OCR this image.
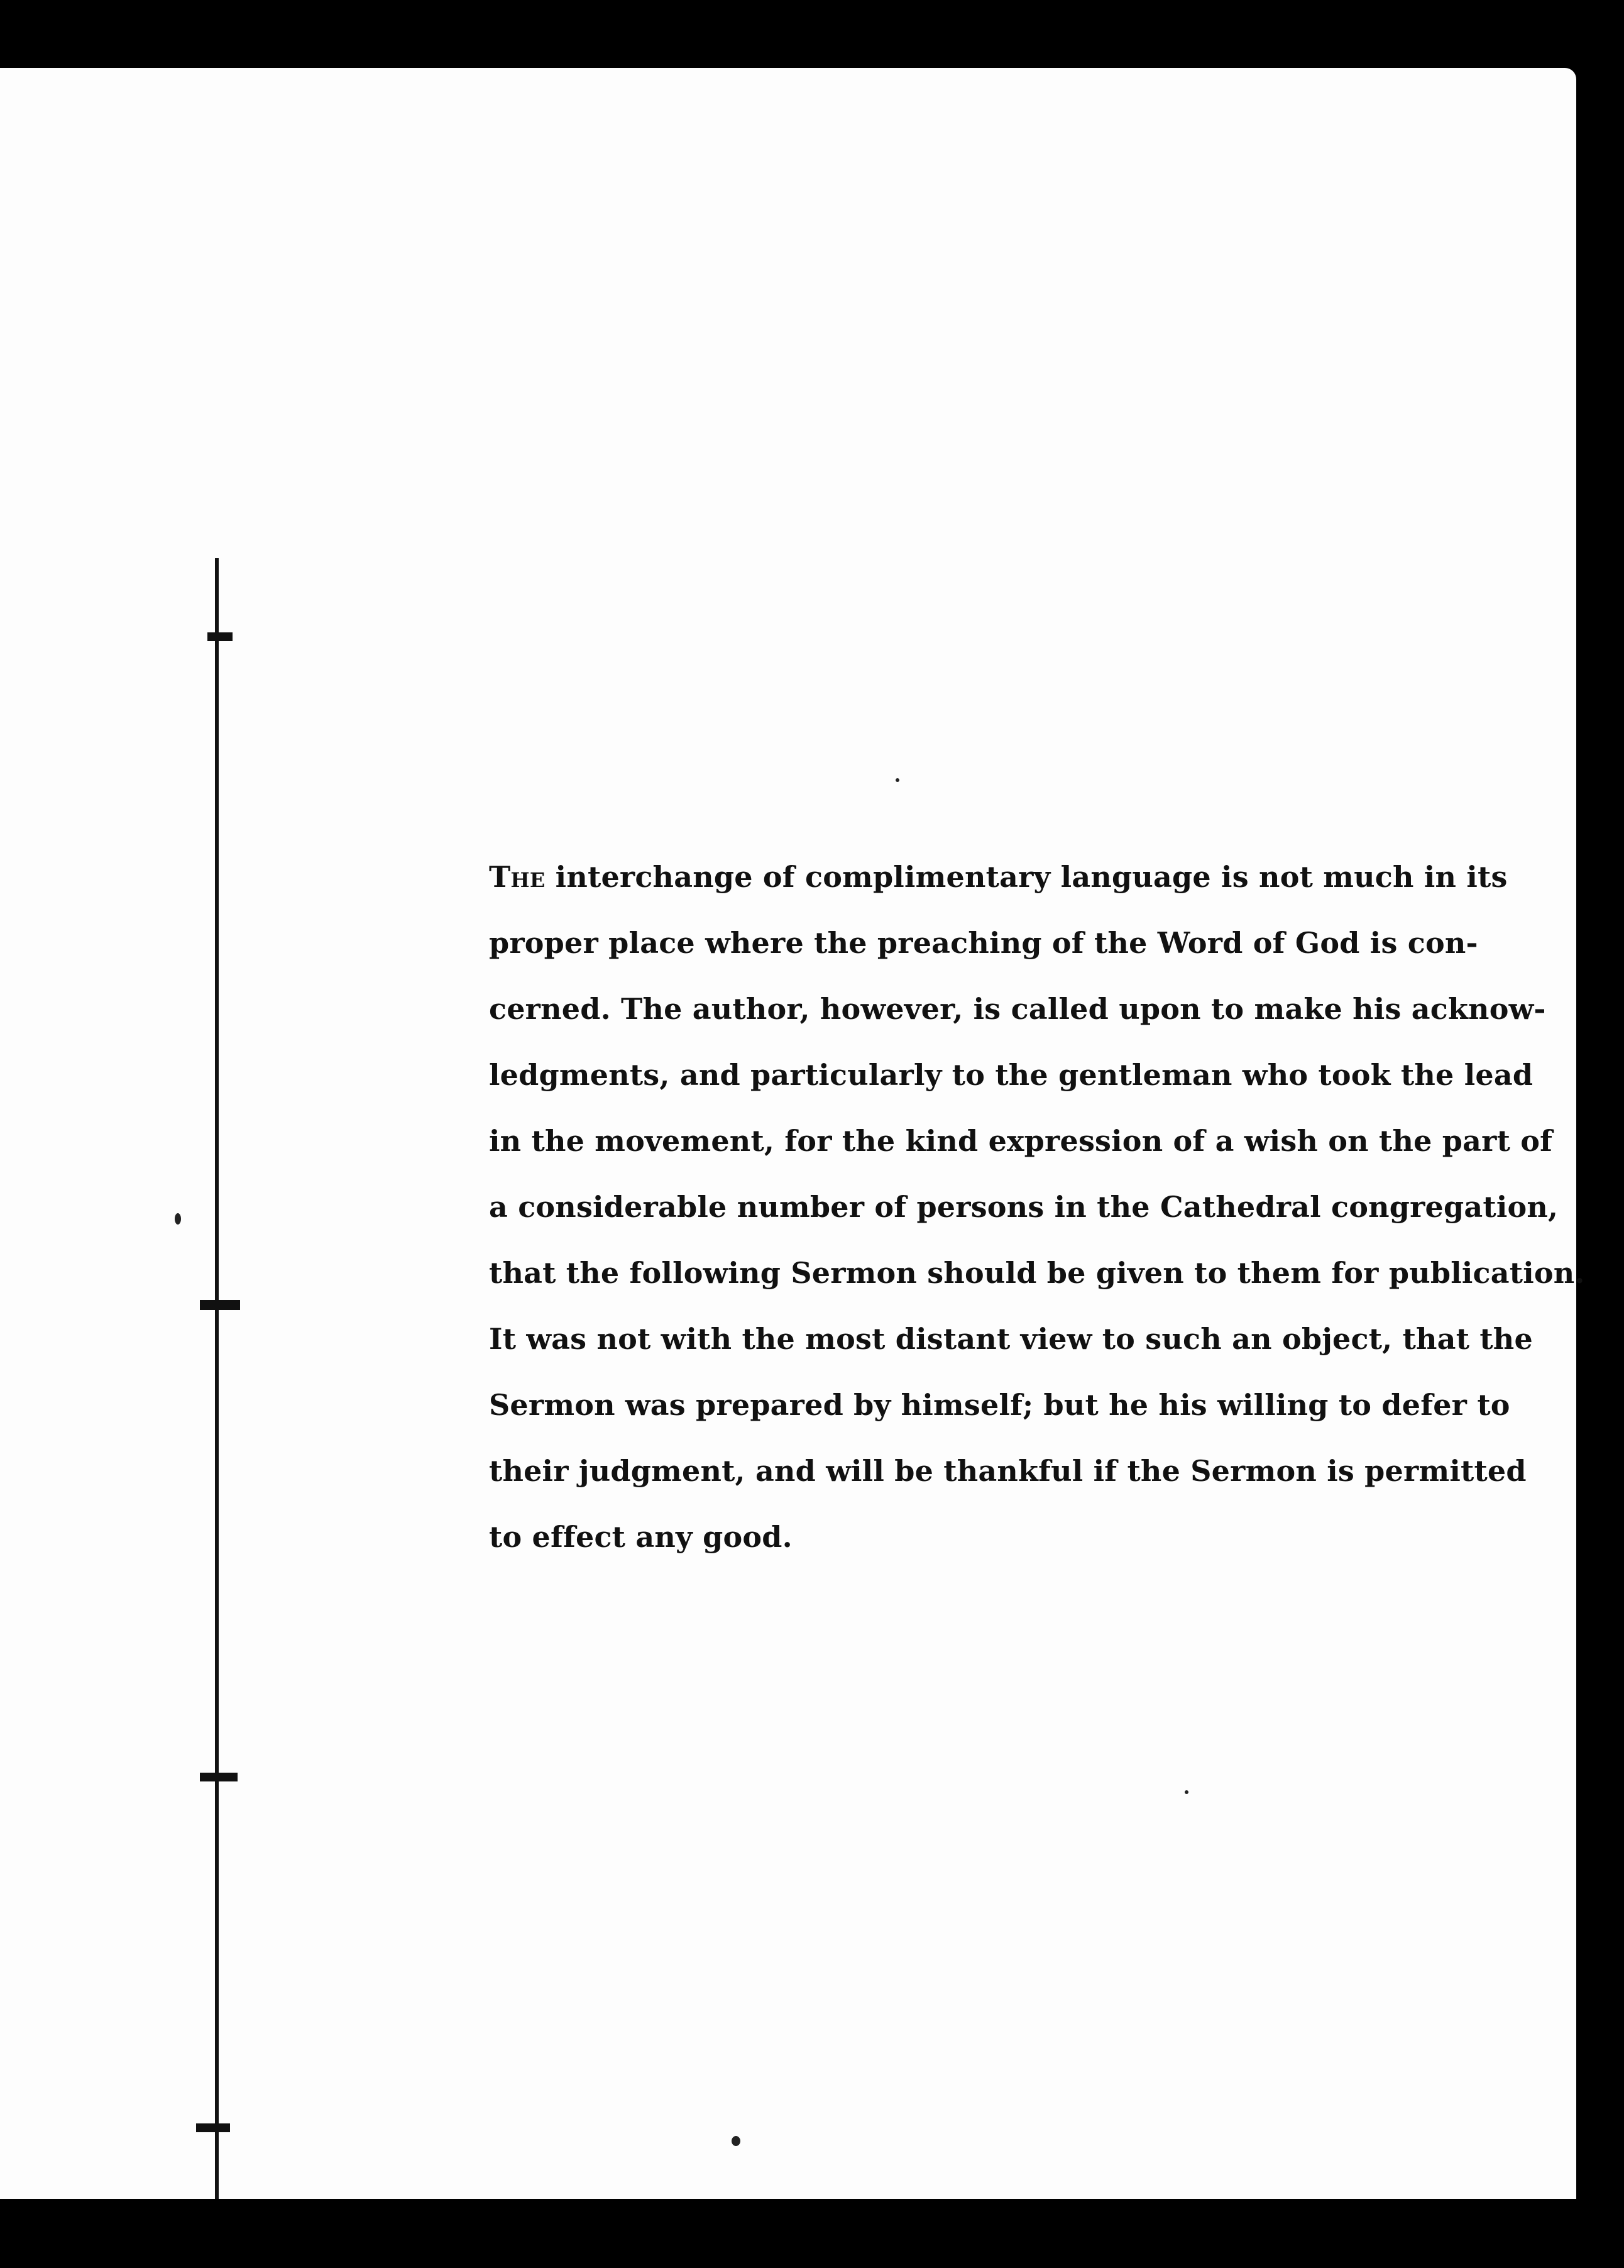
The interchange of complimentary language is not much in its
proper place where the preaching of the Word of God is con-
cerned. The author, however, is called upon to make his acknow-
ledgments, and particularly to the gentleman who took the lead
in the movement, for the kind expression of a wish on the part of
a considerable number of persons in the Cathedral congregation,
that the following Sermon should be given to them for publication.
It was not with the most distant view to such an object, that the
Sermon was prepared by himself; but he his willing to defer to
their judgment, and will be thankful if the Sermon is permitted
to effect any good.
